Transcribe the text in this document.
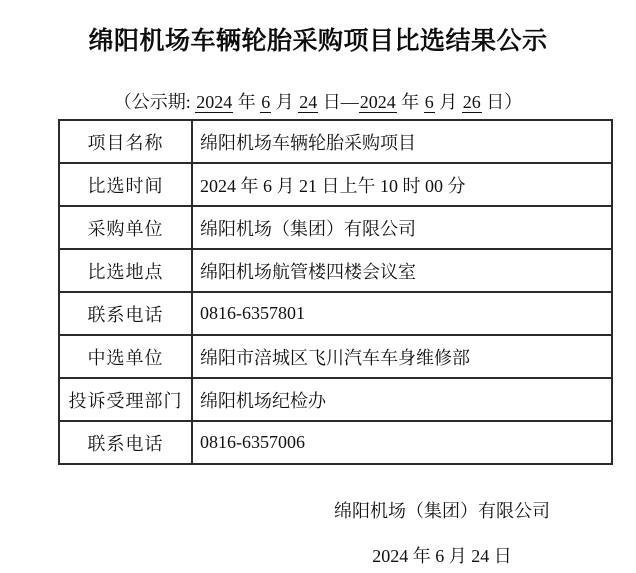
绵阳机场车辆轮胎采购项目比选结果公示
（公示期: 2024 年 6 月 24 日—2024 年 6 月 26 日）
项目名称	绵阳机场车辆轮胎采购项目
比选时间	2024 年 6 月 21 日上午 10 时 00 分
采购单位	绵阳机场（集团）有限公司
比选地点	绵阳机场航管楼四楼会议室
联系电话	0816-6357801
中选单位	绵阳市涪城区飞川汽车车身维修部
投诉受理部门	绵阳机场纪检办
联系电话	0816-6357006
绵阳机场（集团）有限公司
2024 年 6 月 24 日
